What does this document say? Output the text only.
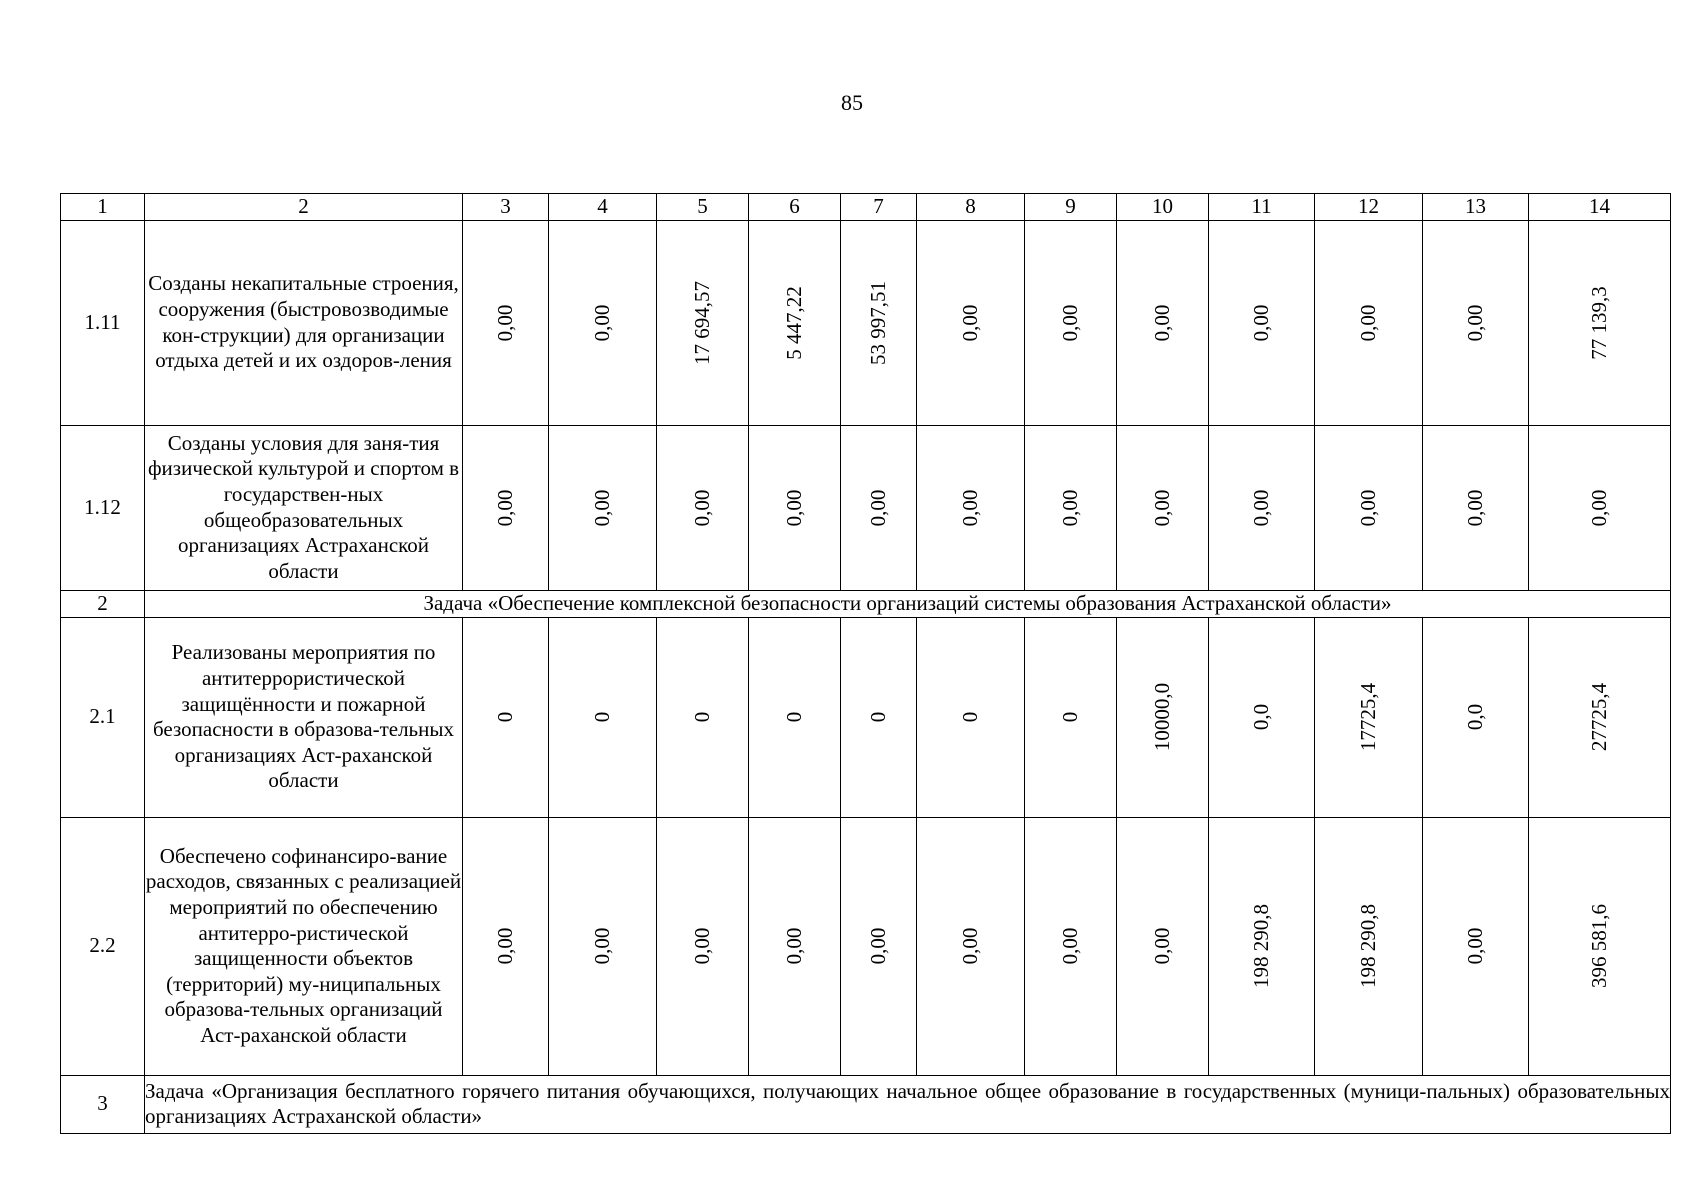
85
1	2	3	4	5	6	7	8	9	10	11	12	13	14
1.11	Созданы некапитальные строения, сооружения (быстровозводимые кон-струкции) для организации отдыха детей и их оздоров-ления	0,00	0,00	17 694,57	5 447,22	53 997,51	0,00	0,00	0,00	0,00	0,00	0,00	77 139,3

1.12	Созданы условия для заня-тия физической культурой и спортом в государствен-ных общеобразовательных организациях Астраханской области	0,00	0,00	0,00	0,00	0,00	0,00	0,00	0,00	0,00	0,00	0,00	0,00

2	Задача «Обеспечение комплексной безопасности организаций системы образования Астраханской области»												
2.1	Реализованы мероприятия по антитеррористической защищённости и пожарной безопасности в образова-тельных организациях Аст-раханской области	0	0	0	0	0	0	0	10000,0	0,0	17725,4	0,0	27725,4

2.2	Обеспечено софинансиро-вание расходов, связанных с реализацией мероприятий по обеспечению антитерро-ристической защищенности объектов (территорий) му-ниципальных образова-тельных организаций Аст-раханской области	0,00	0,00	0,00	0,00	0,00	0,00	0,00	0,00	198 290,8	198 290,8	0,00	396 581,6

3	Задача «Организация бесплатного горячего питания обучающихся, получающих начальное общее образование в государственных (муници-пальных) образовательных организациях Астраханской области»												
